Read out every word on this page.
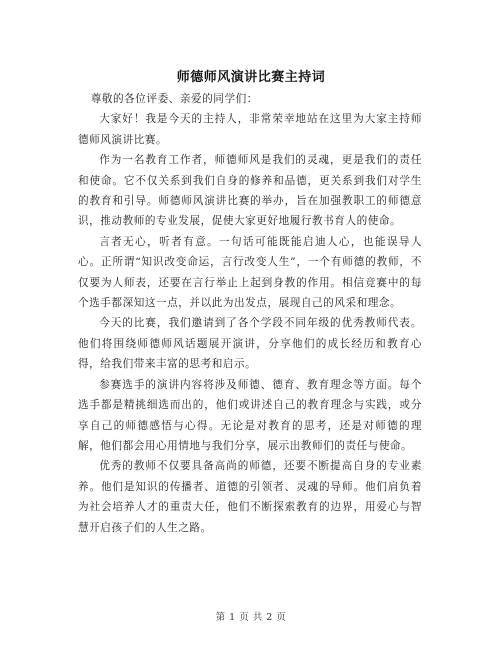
师德师风演讲比赛主持词

尊敬的各位评委、亲爱的同学们：

大家好！我是今天的主持人，非常荣幸地站在这里为大家主持师德师风演讲比赛。

作为一名教育工作者，师德师风是我们的灵魂，更是我们的责任和使命。它不仅关系到我们自身的修养和品德，更关系到我们对学生的教育和引导。师德师风演讲比赛的举办，旨在加强教职工的师德意识，推动教师的专业发展，促使大家更好地履行教书育人的使命。

言者无心，听者有意。一句话可能既能启迪人心，也能误导人心。正所谓“知识改变命运，言行改变人生”，一个有师德的教师，不仅要为人师表，还要在言行举止上起到身教的作用。相信竞赛中的每个选手都深知这一点，并以此为出发点，展现自己的风采和理念。

今天的比赛，我们邀请到了各个学段不同年级的优秀教师代表。他们将围绕师德师风话题展开演讲，分享他们的成长经历和教育心得，给我们带来丰富的思考和启示。

参赛选手的演讲内容将涉及师德、德育、教育理念等方面。每个选手都是精挑细选而出的，他们或讲述自己的教育理念与实践，或分享自己的师德感悟与心得。无论是对教育的思考，还是对师德的理解，他们都会用心用情地与我们分享，展示出教师们的责任与使命。

优秀的教师不仅要具备高尚的师德，还要不断提高自身的专业素养。他们是知识的传播者、道德的引领者、灵魂的导师。他们肩负着为社会培养人才的重责大任，他们不断探索教育的边界，用爱心与智慧开启孩子们的人生之路。

第 1 页 共 2 页
